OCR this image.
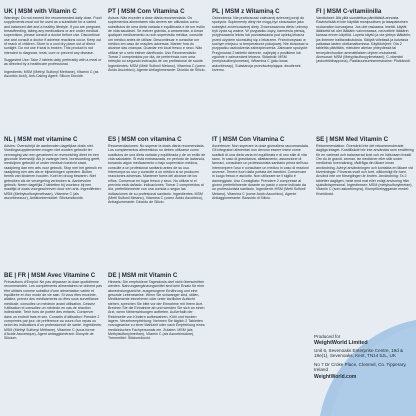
UK | MSM with Vitamin C

Warnings: Do not exceed the recommended daily dose. Food supplements must not be used as a substitute for a varied and balanced diet and a healthy lifestyle. If you are pregnant, breastfeeding, taking any medications or are under medical supervision, please consult a doctor before use. Discontinue use and consult a doctor if adverse reactions occur. Keep out of reach of children. Store in a cool dry place out of direct sunlight. Do not use if seal is broken. This product is not intended to diagnose, treat, cure or prevent any disease.

Suggested Use: Take 2 tablets daily preferably with a meal or as directed by a healthcare professional.

Ingredients: MSM (Methyl Sulfonyl Methane), Vitamin C (as Ascorbic Acid), Anti-Caking Agent: Silicon Dioxide.

PT | MSM Com Vitamina C

Avisos: Não exceder a dose diária recomendada. Os suplementos alimentares não devem ser utilizados como substitutos de uma dieta variada e equilibrada e de um estilo de vida saudável. Se estiver grávida, a amamentar, a tomar qualquer medicamento ou sob supervisão médica, consulte um médico antes de utilizar. Descontinuar e consultar um médico em caso de reações adversas. Manter fora do alcance das crianças. Guardar em local fresco e seco. Não utilizar se o selo estiver danificado. Uso Recomendado: Tomar 2 comprimidos por dia, de preferência com uma refeição ou segundo indicação de um profissional de saúde. Ingredientes: MSM (Metil Sulfonil Metano), Vitamina C (como Ácido Ascórbico), Agente Antiaglomerante: Dióxido de Silício.

PL | MSM z Witaminą C

Ostrzeżenia: Nie przekraczać zalecanej dziennej porcji do spożycia. Suplementy diety nie mogą być stosowane jako substytut zróżnicowanej diety. Zrównoważona dieta i zdrowy tryb życia są ważne. W przypadku ciąży, karmienia piersią, przyjmowania leków lub pozostawania pod opieką lekarza przed użyciem skonsultuj się z lekarzem. Przechowywać w suchym miejscu, w temperaturze pokojowej. Nie stosować w przypadku uszkodzenia zabezpieczenia. Zalecane spożycie: Przyjmować 2 tabletki dziennie, najlepiej z posiłkiem lub zgodnie z zaleceniami lekarza. Składniki: MSM (metylosulfonylometan), Witamina C (jako kwas askorbinowy), Substancja przeciwzbrylająca: dwutlenek krzemu.

FI | MSM C-vitamiinilla

Varoitukset: Älä ylitä suositeltua päivittäistä annosta. Ravintolisää ei tule käyttää monipuolisen ja tasapainoisen ruokavalion korvaajana. Jos olet raskaana, imetät, käytät lääkkeitä tai olet lääkärin valvonnassa, neuvottele lääkärin kanssa ennen käyttöä. Lopeta käyttö ja ota yhteys lääkäriin, jos ilmenee haittavaikutuksia. Säilytä viileässä ja kuivassa paikassa lasten ulottumattomissa. Käyttöohjeet: Ota 2 tablettia päivittäin, mieluiten aterian yhteydessä tai terveydenhuollon ammattilaisen ohjeen mukaisesti. Ainesosat: MSM (Metyylisulfonyylimetaani), C-vitamiini (askorbiinihappona), Paakkuuntumisenestoaine: Piidioksidi.

NL | MSM met vitamine C

Advies: Overschrijd de aanbevolen dagelijkse dosis niet. Voedingssupplementen mogen niet worden gebruikt ter vervanging van een gevarieerd en evenwichtig dieet en een gezonde levensstijl. Als je zwanger bent, borstvoeding geeft, medicijnen gebruikt of onder medisch toezicht staat, raadpleeg dan een arts voor gebruik. Stop met het gebruik en raadpleeg een arts als er bijwerkingen optreden. Buiten bereik van kinderen houden. Koel en droog bewaren. Niet gebruiken als de verzegeling verbroken is. Aanbevolen gebruik: Neem dagelijks 2 tabletten bij voorkeur bij een maaltijd of zoals voorgeschreven door een arts. Ingrediënten: MSM (Methylsulfonylmethaan), Vitamine C (als ascorbinezuur), Antiklontermiddel: Siliciumdioxide.

ES | MSM con vitamina C

Recomendaciones: No superar la dosis diaria recomendada. Los complementos alimenticios no deben utilizarse como sustitutos de una dieta variada y equilibrada y de un estilo de vida saludable. Si está embarazada, en periodo de lactancia, tomando algún medicamento o bajo supervisión médica, consulte a un profesional sanitario antes de su uso. Interrumpa su uso y consulte a un médico si se producen reacciones adversas. Mantener fuera del alcance de los niños. Conservar en lugar fresco y seco. No utilizar si el precinto está dañado. Indicaciones: Tomar 2 comprimidos al día, preferiblemente con una comida o según las indicaciones de su profesional sanitario. Ingredientes: MSM (Metil Sulfonil Metano), Vitamina C (como Ácido Ascórbico), Antiaglomerante: Dióxido de Silicio.

IT | MSM Con Vitamina C

Avvertenze: Non superare la dose giornaliera raccomandata. Gli integratori alimentari non devono essere intesi come sostituti di una dieta varia ed equilibrata e di uno stile di vita sano. In caso di gravidanza, allattamento, assunzione di farmaci, consultare un professionista sanitario prima dell'uso. Interrompere l'uso e consultare un medico in caso di reazioni avverse. Tenere fuori dalla portata dei bambini. Conservare in luogo fresco e asciutto. Non utilizzare se il sigillo è danneggiato. Uso Consigliato: Prendere 2 compresse al giorno preferibilmente durante un pasto o come indicato da un professionista sanitario. Ingredienti: MSM (Metil Sulfonil Metano), Vitamina C (come Acido Ascorbico), Agente Antiagglomerante: Biossido di Silicio.

SE | MSM Med Vitamin C

Rekommendation: Överskrid inte det rekommenderade dagliga intaget. Kosttillskott bör inte användas som ersättning för en varierad och balanserad kost och en hälsosam livsstil. Om du är gravid, ammar, tar mediciner eller står under medicinsk övervakning, rådfråga din läkare innan användning. Avbryt användningen och kontakta en läkare vid biverkningar. Förvaras svalt och torrt, oåtkomligt för barn. Använd inte om förseglingen är bruten. Användning: Ta 2 tabletter dagligen, helst med mat eller enligt anvisning från sjukvårdspersonal. Ingredienser: MSM (metylsulfonylmetan), Vitamin C (som askorbinsyra), Klumpförebyggande medel: Kiseldioxid.

BE | FR | MSM Avec Vitamine C

Précautions d'Emploi: Ne pas dépasser la dose quotidienne recommandée. Les compléments alimentaires ne doivent pas être utilisés comme substitut d'une alimentation variée et équilibrée et d'un mode de vie sain. Si vous êtes enceinte, allaitez, prenez des médicaments ou êtes sous surveillance médicale, consultez un médecin avant utilisation. Cessez l'utilisation et consultez un médecin en cas de réaction indésirable. Tenir hors de portée des enfants. Conserver dans un endroit frais et sec. Conseils d'utilisation: Prendre 2 comprimés par jour, de préférence au cours d'un repas ou selon les indications d'un professionnel de santé. Ingrédients: MSM (Méthyl Sulfonyl Méthane), Vitamine C (sous forme d'Acide Ascorbique), Agent antiagglomérant: Dioxyde de Silicium.

DE | MSM mit Vitamin C

Hinweis: Die empfohlene Tagesdosis darf nicht überschritten werden. Nahrungsergänzungsmittel sind kein Ersatz für eine abwechslungsreiche, ausgewogene Ernährung und eine gesunde Lebensweise. Wenn Sie schwanger sind, stillen, Medikamente einnehmen oder unter ärztlicher Aufsicht stehen, sprechen Sie bitte vor der Einnahme mit Ihrem Arzt. Brechen Sie die Einnahme ab und wenden Sie sich an einen Arzt, wenn Nebenwirkungen auftreten. Außerhalb der Reichweite von Kindern aufbewahren. Kühl und trocken lagern. Verzehrempfehlung: Nehmen Sie täglich 2 Tabletten vorzugsweise zu einer Mahlzeit oder nach Empfehlung eines medizinischen Fachpersonals ein. Zutaten: MSM (als Methylsulfonylmethan), Vitamin C (als Ascorbinsäure), Trennmittel: Siliciumdioxid.	Produced for

WeightWorld Limited

Unit 6, Sevenoaks Enterprise Centre, 19d & 19e(1), Sevenoaks, Kent, TN14 5JL, UK

No 7 Dr Croke Place, Clonmel, Co. Tipperary, Ireland

WeightWorld.com
